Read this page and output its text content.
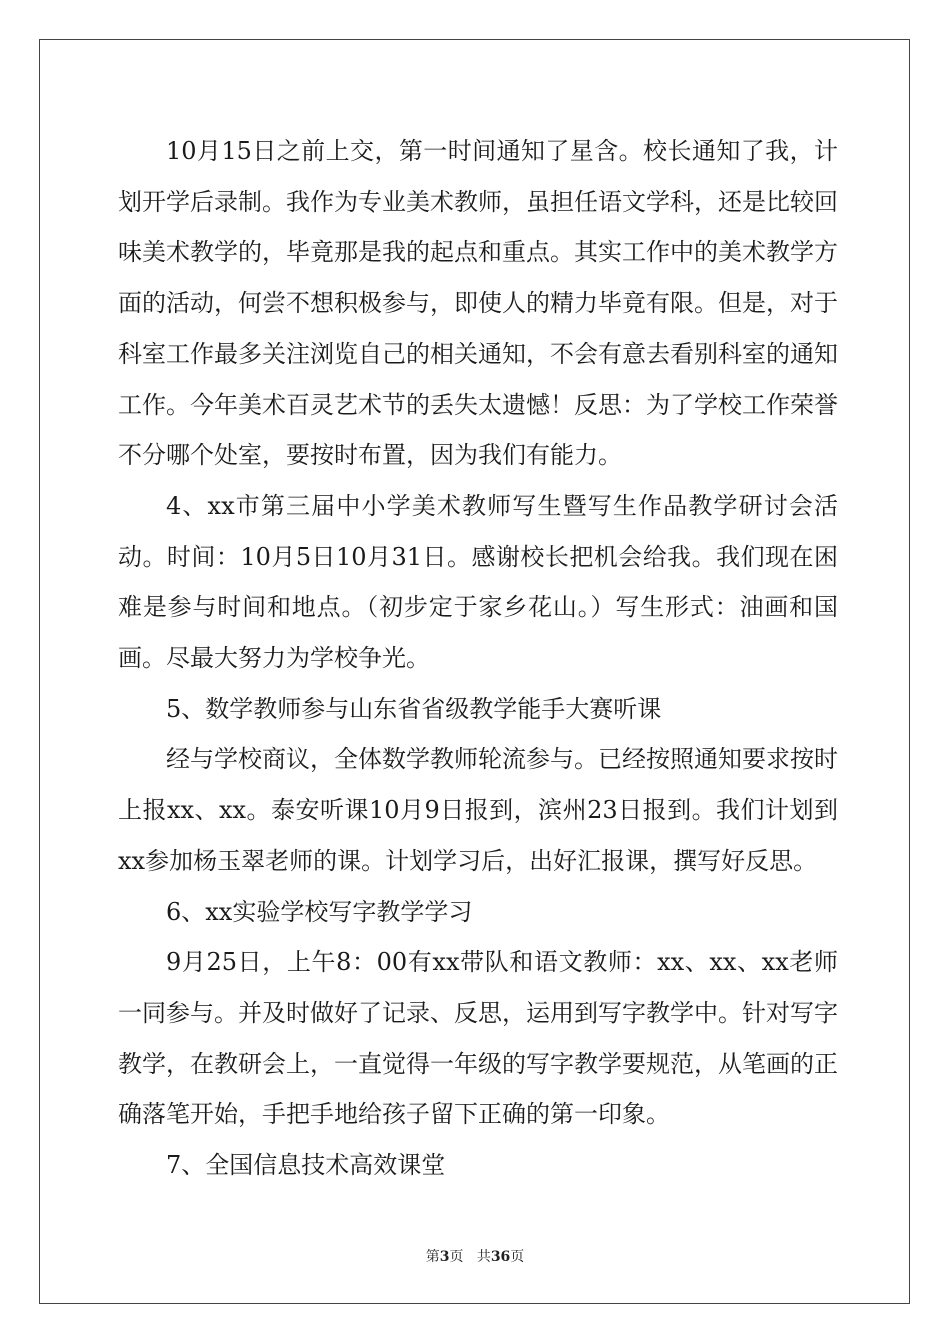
10月15日之前上交，第一时间通知了星含。校长通知了我，计划开学后录制。我作为专业美术教师，虽担任语文学科，还是比较回味美术教学的，毕竟那是我的起点和重点。其实工作中的美术教学方面的活动，何尝不想积极参与，即使人的精力毕竟有限。但是，对于科室工作最多关注浏览自己的相关通知，不会有意去看别科室的通知工作。今年美术百灵艺术节的丢失太遗憾！反思：为了学校工作荣誉不分哪个处室，要按时布置，因为我们有能力。

4、xx市第三届中小学美术教师写生暨写生作品教学研讨会活动。时间：10月5日10月31日。感谢校长把机会给我。我们现在困难是参与时间和地点。（初步定于家乡花山。）写生形式：油画和国画。尽最大努力为学校争光。

5、数学教师参与山东省省级教学能手大赛听课

经与学校商议，全体数学教师轮流参与。已经按照通知要求按时上报xx、xx。泰安听课10月9日报到，滨州23日报到。我们计划到xx参加杨玉翠老师的课。计划学习后，出好汇报课，撰写好反思。

6、xx实验学校写字教学学习

9月25日，上午8：00有xx带队和语文教师：xx、xx、xx老师一同参与。并及时做好了记录、反思，运用到写字教学中。针对写字教学，在教研会上，一直觉得一年级的写字教学要规范，从笔画的正确落笔开始，手把手地给孩子留下正确的第一印象。

7、全国信息技术高效课堂

第3页 共36页
